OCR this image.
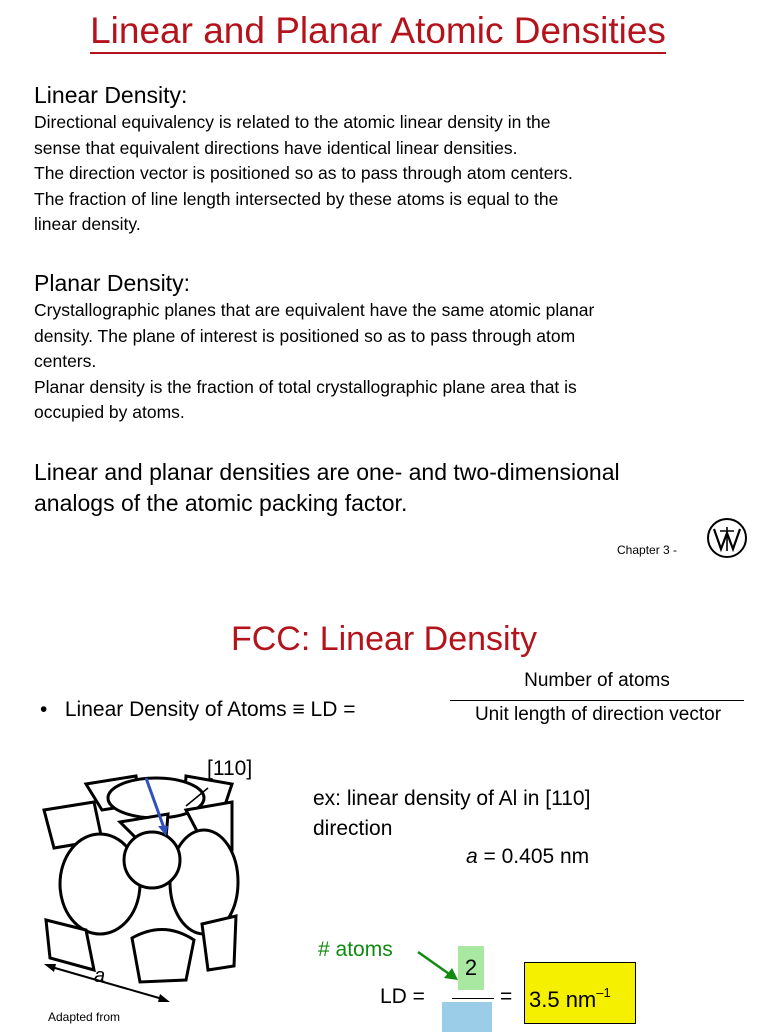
Linear and Planar Atomic Densities
Linear Density:
Directional equivalency is related to the atomic linear density in the
sense that equivalent directions have identical linear densities.
The direction vector is positioned so as to pass through atom centers.
The fraction of line length intersected by these atoms is equal to the
linear density.
Planar Density:
Crystallographic planes that are equivalent have the same atomic planar
density. The plane of interest is positioned so as to pass through atom
centers.
Planar density is the fraction of total crystallographic plane area that is
occupied by atoms.
Linear and planar densities are one- and two-dimensional
analogs of the atomic packing factor.
Chapter 3 -
FCC: Linear Density
•   Linear Density of Atoms ≡ LD =
Number of atoms
Unit length of direction vector
a
[110]
ex: linear density of Al in [110]
direction
a = 0.405 nm
# atoms
2
LD =	= 3.5 $nm^{-1}$
Adapted from
